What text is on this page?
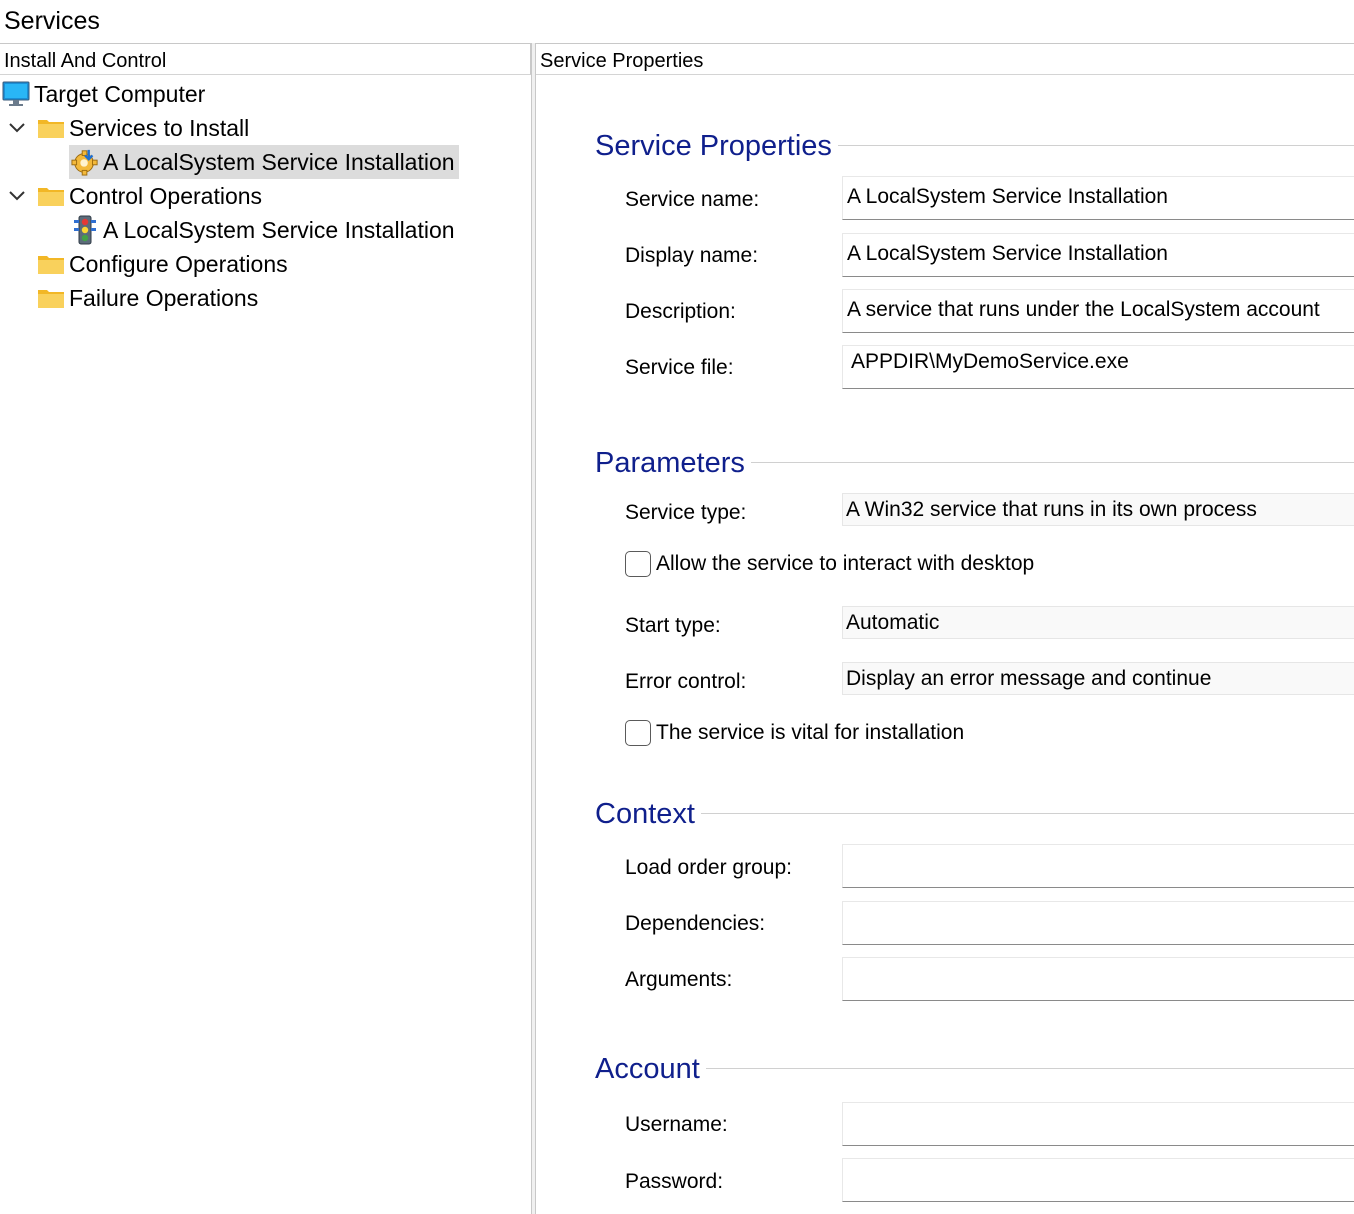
Services
Install And Control
Target Computer
Services to Install
A LocalSystem Service Installation
Control Operations
A LocalSystem Service Installation
Configure Operations
Failure Operations
Service Properties
Service Properties
Service name:	A LocalSystem Service Installation
Display name:	A LocalSystem Service Installation
Description:	A service that runs under the LocalSystem account
Service file:	APPDIR\MyDemoService.exe
Parameters
Service type:	A Win32 service that runs in its own process
Allow the service to interact with desktop
Start type:	Automatic
Error control:	Display an error message and continue
The service is vital for installation
Context
Load order group:
Dependencies:
Arguments:
Account
Username:
Password:
